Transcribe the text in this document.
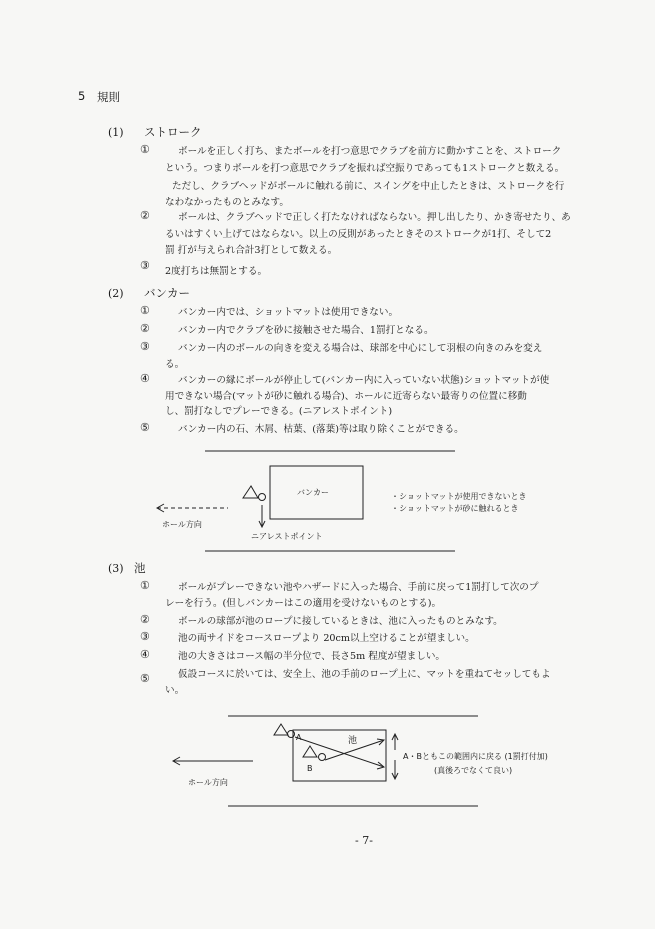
5 規則
(1) ストローク
①	ボールを正しく打ち、またボールを打つ意思でクラブを前方に動かすことを、ストローク
という。つまりボールを打つ意思でクラブを振れば空振りであっても1ストロークと数える。
ただし、クラブヘッドがボールに触れる前に、スイングを中止したときは、ストロークを行
なわなかったものとみなす。
②	ボールは、クラブヘッドで正しく打たなければならない。押し出したり、かき寄せたり、あ
るいはすくい上げてはならない。以上の反則があったときそのストロークが1打、そして2
罰 打が与えられ合計3打として数える。
③ 2度打ちは無罰とする。
(2) バンカー
①	バンカー内では、ショットマットは使用できない。
②	バンカー内でクラブを砂に接触させた場合、1罰打となる。
③	バンカー内のボールの向きを変える場合は、球部を中心にして羽根の向きのみを変え
る。
④	バンカーの縁にボールが停止して(バンカー内に入っていない状態)ショットマットが使
用できない場合(マットが砂に触れる場合)、ホールに近寄らない最寄りの位置に移動
し、罰打なしでプレーできる。(ニアレストポイント)
⑤	バンカー内の石、木屑、枯葉、(落葉)等は取り除くことができる。
バンカー
ホール方向
ニアレストポイント
・ショットマットが使用できないとき
・ショットマットが砂に触れるとき
(3) 池
①	ボールがプレーできない池やハザードに入った場合、手前に戻って1罰打して次のプ
レーを行う。(但しバンカーはこの適用を受けないものとする)。
②	ボールの球部が池のロープに接しているときは、池に入ったものとみなす。
③	池の両サイドをコースロープより 20cm以上空けることが望ましい。
④	池の大きさはコース幅の半分位で、長さ5m 程度が望ましい。
⑤	仮設コースに於いては、安全上、池の手前のロープ上に、マットを重ねてセッしてもよ
い。
池
A
B
ホール方向
A・Bともこの範囲内に戻る (1罰打付加)
(真後ろでなくて良い)
- 7-
